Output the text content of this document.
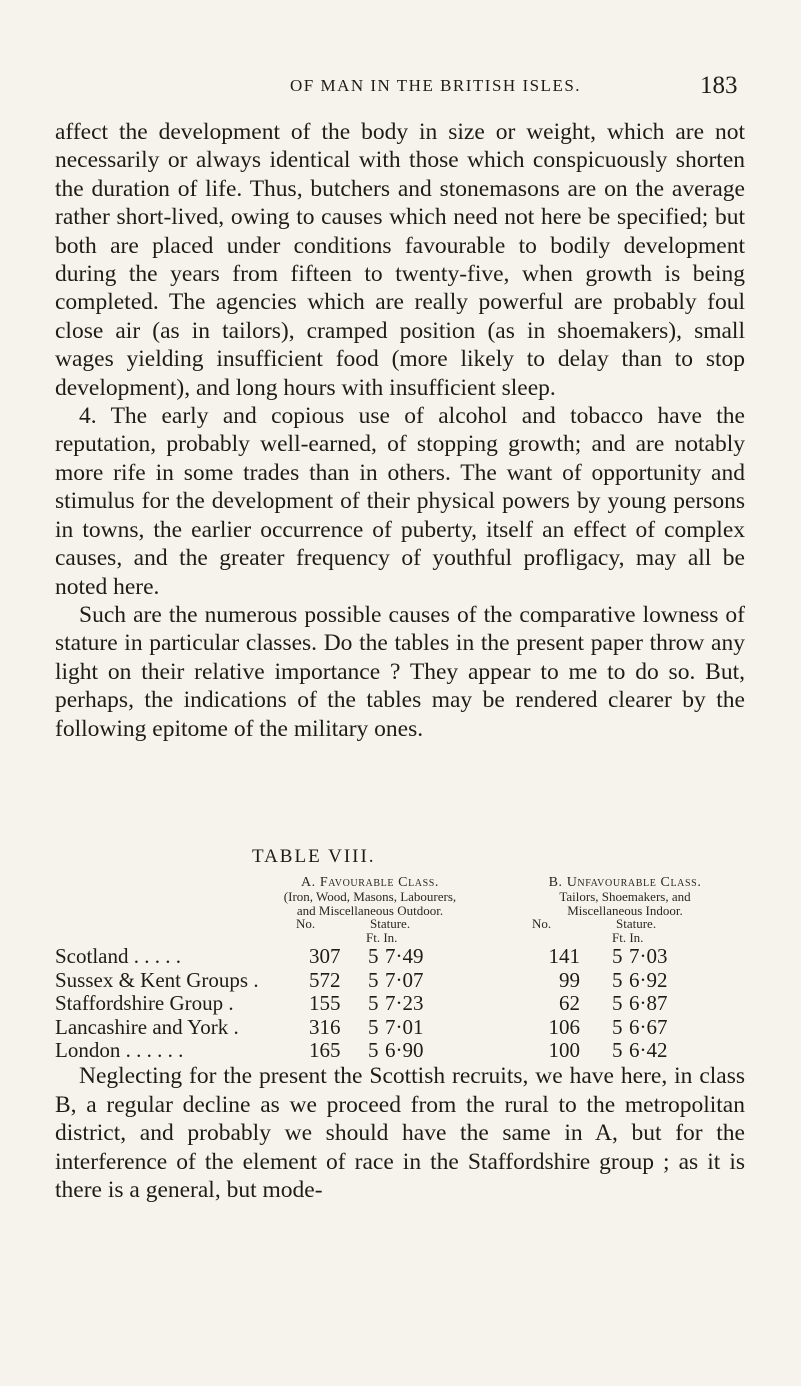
OF MAN IN THE BRITISH ISLES.	183

affect the development of the body in size or weight, which are not necessarily or always identical with those which conspicuously shorten the duration of life. Thus, butchers and stonemasons are on the average rather short-lived, owing to causes which need not here be specified; but both are placed under conditions favourable to bodily development during the years from fifteen to twenty-five, when growth is being completed. The agencies which are really powerful are probably foul close air (as in tailors), cramped position (as in shoemakers), small wages yielding insufficient food (more likely to delay than to stop development), and long hours with insufficient sleep.

4. The early and copious use of alcohol and tobacco have the reputation, probably well-earned, of stopping growth; and are notably more rife in some trades than in others. The want of opportunity and stimulus for the development of their physical powers by young persons in towns, the earlier occurrence of puberty, itself an effect of complex causes, and the greater frequency of youthful profligacy, may all be noted here.

Such are the numerous possible causes of the comparative lowness of stature in particular classes. Do the tables in the present paper throw any light on their relative importance ? They appear to me to do so. But, perhaps, the indications of the tables may be rendered clearer by the following epitome of the military ones.

TABLE VIII.
A. Favourable Class.
(Iron, Wood, Masons, Labourers,
and Miscellaneous Outdoor.
B. Unfavourable Class.
Tailors, Shoemakers, and
Miscellaneous Indoor.
No.	Stature.
Ft. In.
No.	Stature.
Ft. In.
Scotland . . . . .	307 5 7·49	141 5 7·03
Sussex & Kent Groups . 572 5 7·07	99 5 6·92
Staffordshire Group .	155 5 7·23	62 5 6·87
Lancashire and York .	316 5 7·01	106 5 6·67
London . . . . . .	165 5 6·90	100 5 6·42

Neglecting for the present the Scottish recruits, we have here, in class B, a regular decline as we proceed from the rural to the metropolitan district, and probably we should have the same in A, but for the interference of the element of race in the Staffordshire group ; as it is there is a general, but mode-
